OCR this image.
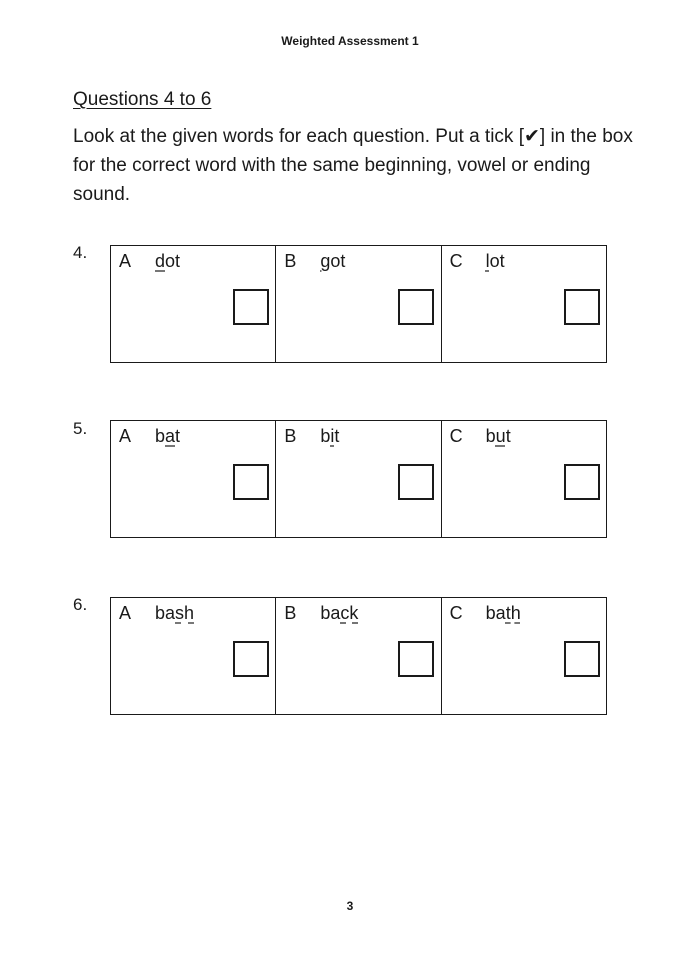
Weighted Assessment 1
Questions 4 to 6
Look at the given words for each question. Put a tick [✔] in the box for the correct word with the same beginning, vowel or ending sound.
4. A dot	B got	C lot
5. A bat	B bit	C but
6. A bash	B back	C bath
3
